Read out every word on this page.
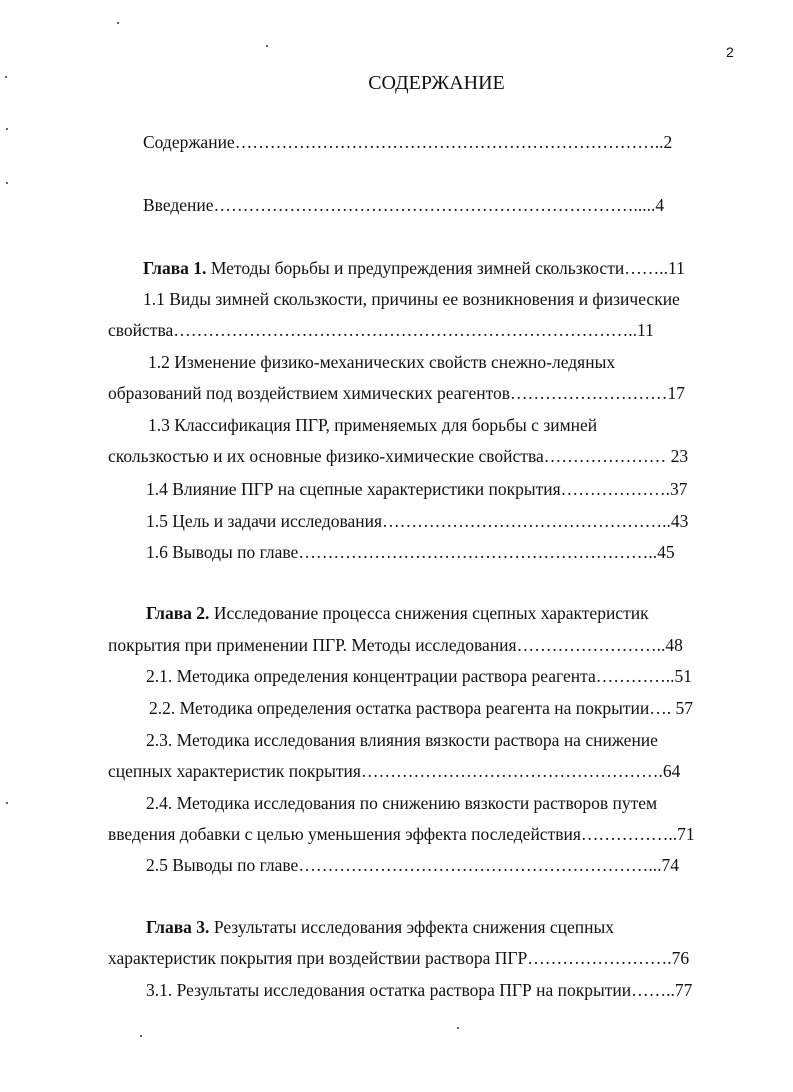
2
СОДЕРЖАНИЕ
Содержание………………………………………………………………..2
Введение……………………………………………………………….....4
Глава 1. Методы борьбы и предупреждения зимней скользкости……..11
1.1 Виды зимней скользкости, причины ее возникновения и физические
свойства……………………………………………………………………..11
1.2 Изменение физико-механических свойств снежно-ледяных
образований под воздействием химических реагентов………………………17
1.3 Классификация ПГР, применяемых для борьбы с зимней
скользкостью и их основные физико-химические свойства………………… 23
1.4 Влияние ПГР на сцепные характеристики покрытия……………….37
1.5 Цель и задачи исследования…………………………………………..43
1.6 Выводы по главе……………………………………………………..45
Глава 2. Исследование процесса снижения сцепных характеристик
покрытия при применении ПГР. Методы исследования……………………..48
2.1. Методика определения концентрации раствора реагента…………..51
2.2. Методика определения остатка раствора реагента на покрытии…. 57
2.3. Методика исследования влияния вязкости раствора на снижение
сцепных характеристик покрытия…………………………………………….64
2.4. Методика исследования по снижению вязкости растворов путем
введения добавки с целью уменьшения эффекта последействия……………..71
2.5 Выводы по главе……………………………………………………...74
Глава 3. Результаты исследования эффекта снижения сцепных
характеристик покрытия при воздействии раствора ПГР…………………….76
3.1. Результаты исследования остатка раствора ПГР на покрытии……..77
